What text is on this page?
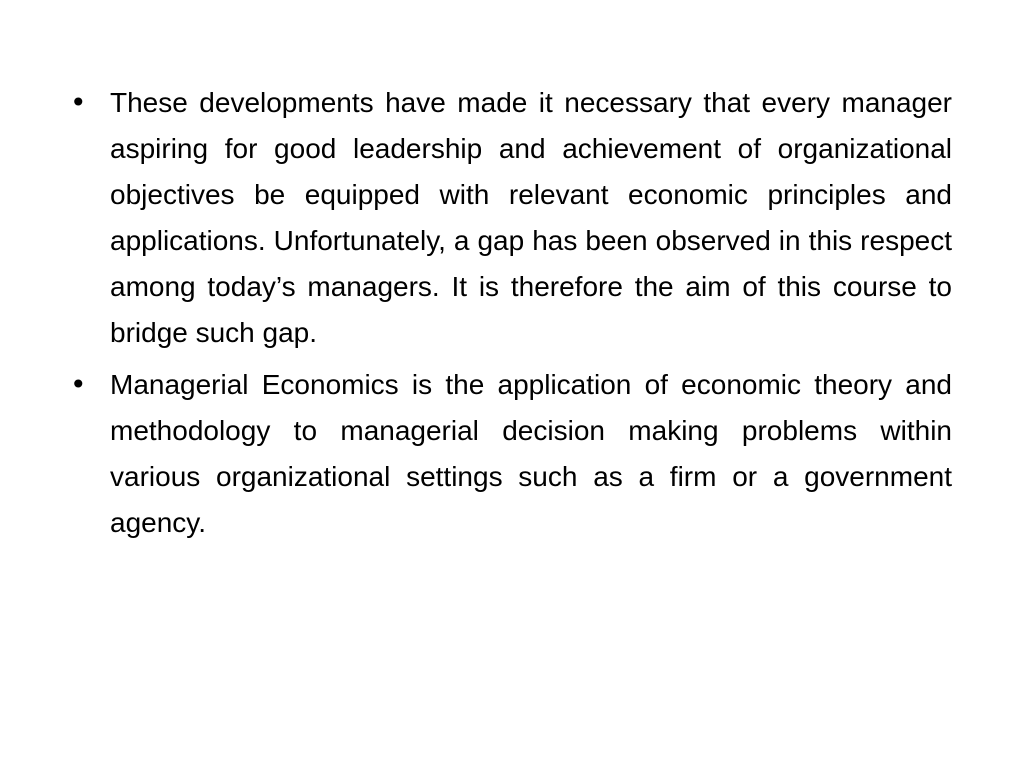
• These developments have made it necessary that every manager aspiring for good leadership and achievement of organizational objectives be equipped with relevant economic principles and applications. Unfortunately, a gap has been observed in this respect among today’s managers. It is therefore the aim of this course to bridge such gap.
• Managerial Economics is the application of economic theory and methodology to managerial decision making problems within various organizational settings such as a firm or a government agency.
